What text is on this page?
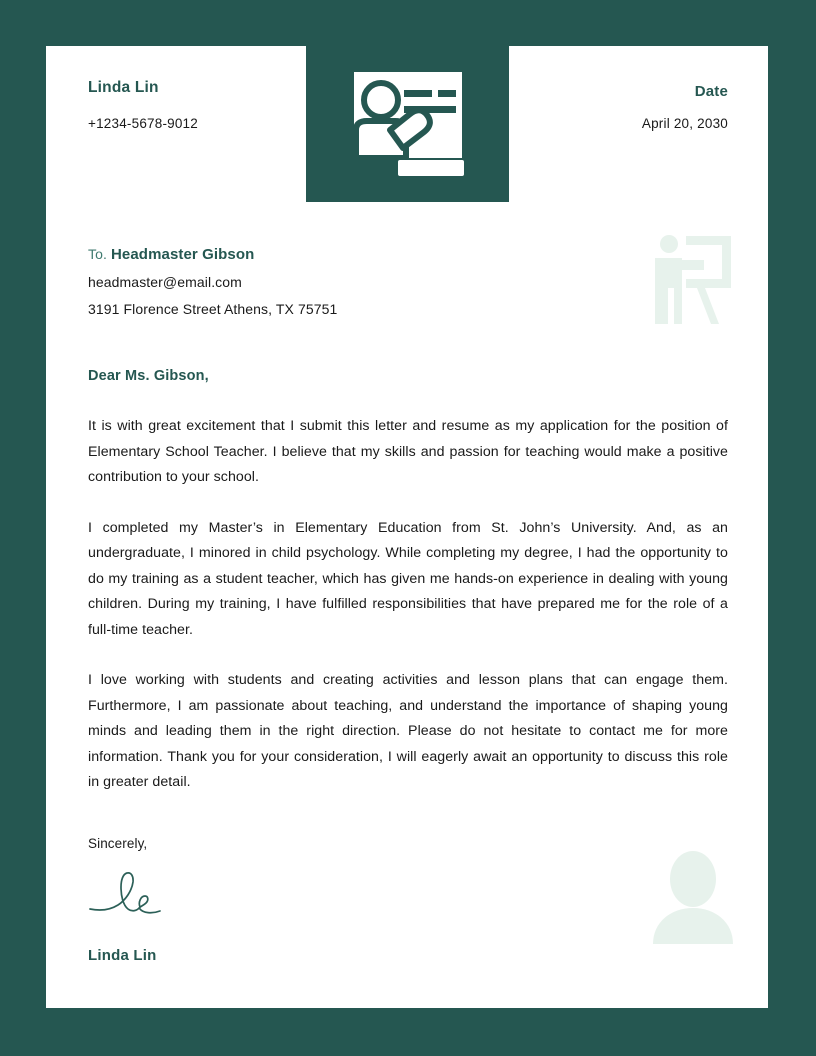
Linda Lin

+1234-5678-9012

Date

April 20, 2030

To. Headmaster Gibson

headmaster@email.com

3191 Florence Street Athens, TX 75751

Dear Ms. Gibson,

It is with great excitement that I submit this letter and resume as my application for the position of Elementary School Teacher. I believe that my skills and passion for teaching would make a positive contribution to your school.

I completed my Master’s in Elementary Education from St. John’s University. And, as an undergraduate, I minored in child psychology. While completing my degree, I had the opportunity to do my training as a student teacher, which has given me hands-on experience in dealing with young children. During my training, I have fulfilled responsibilities that have prepared me for the role of a full-time teacher.

I love working with students and creating activities and lesson plans that can engage them. Furthermore, I am passionate about teaching, and understand the importance of shaping young minds and leading them in the right direction. Please do not hesitate to contact me for more information. Thank you for your consideration, I will eagerly await an opportunity to discuss this role in greater detail.

Sincerely,

Linda Lin
